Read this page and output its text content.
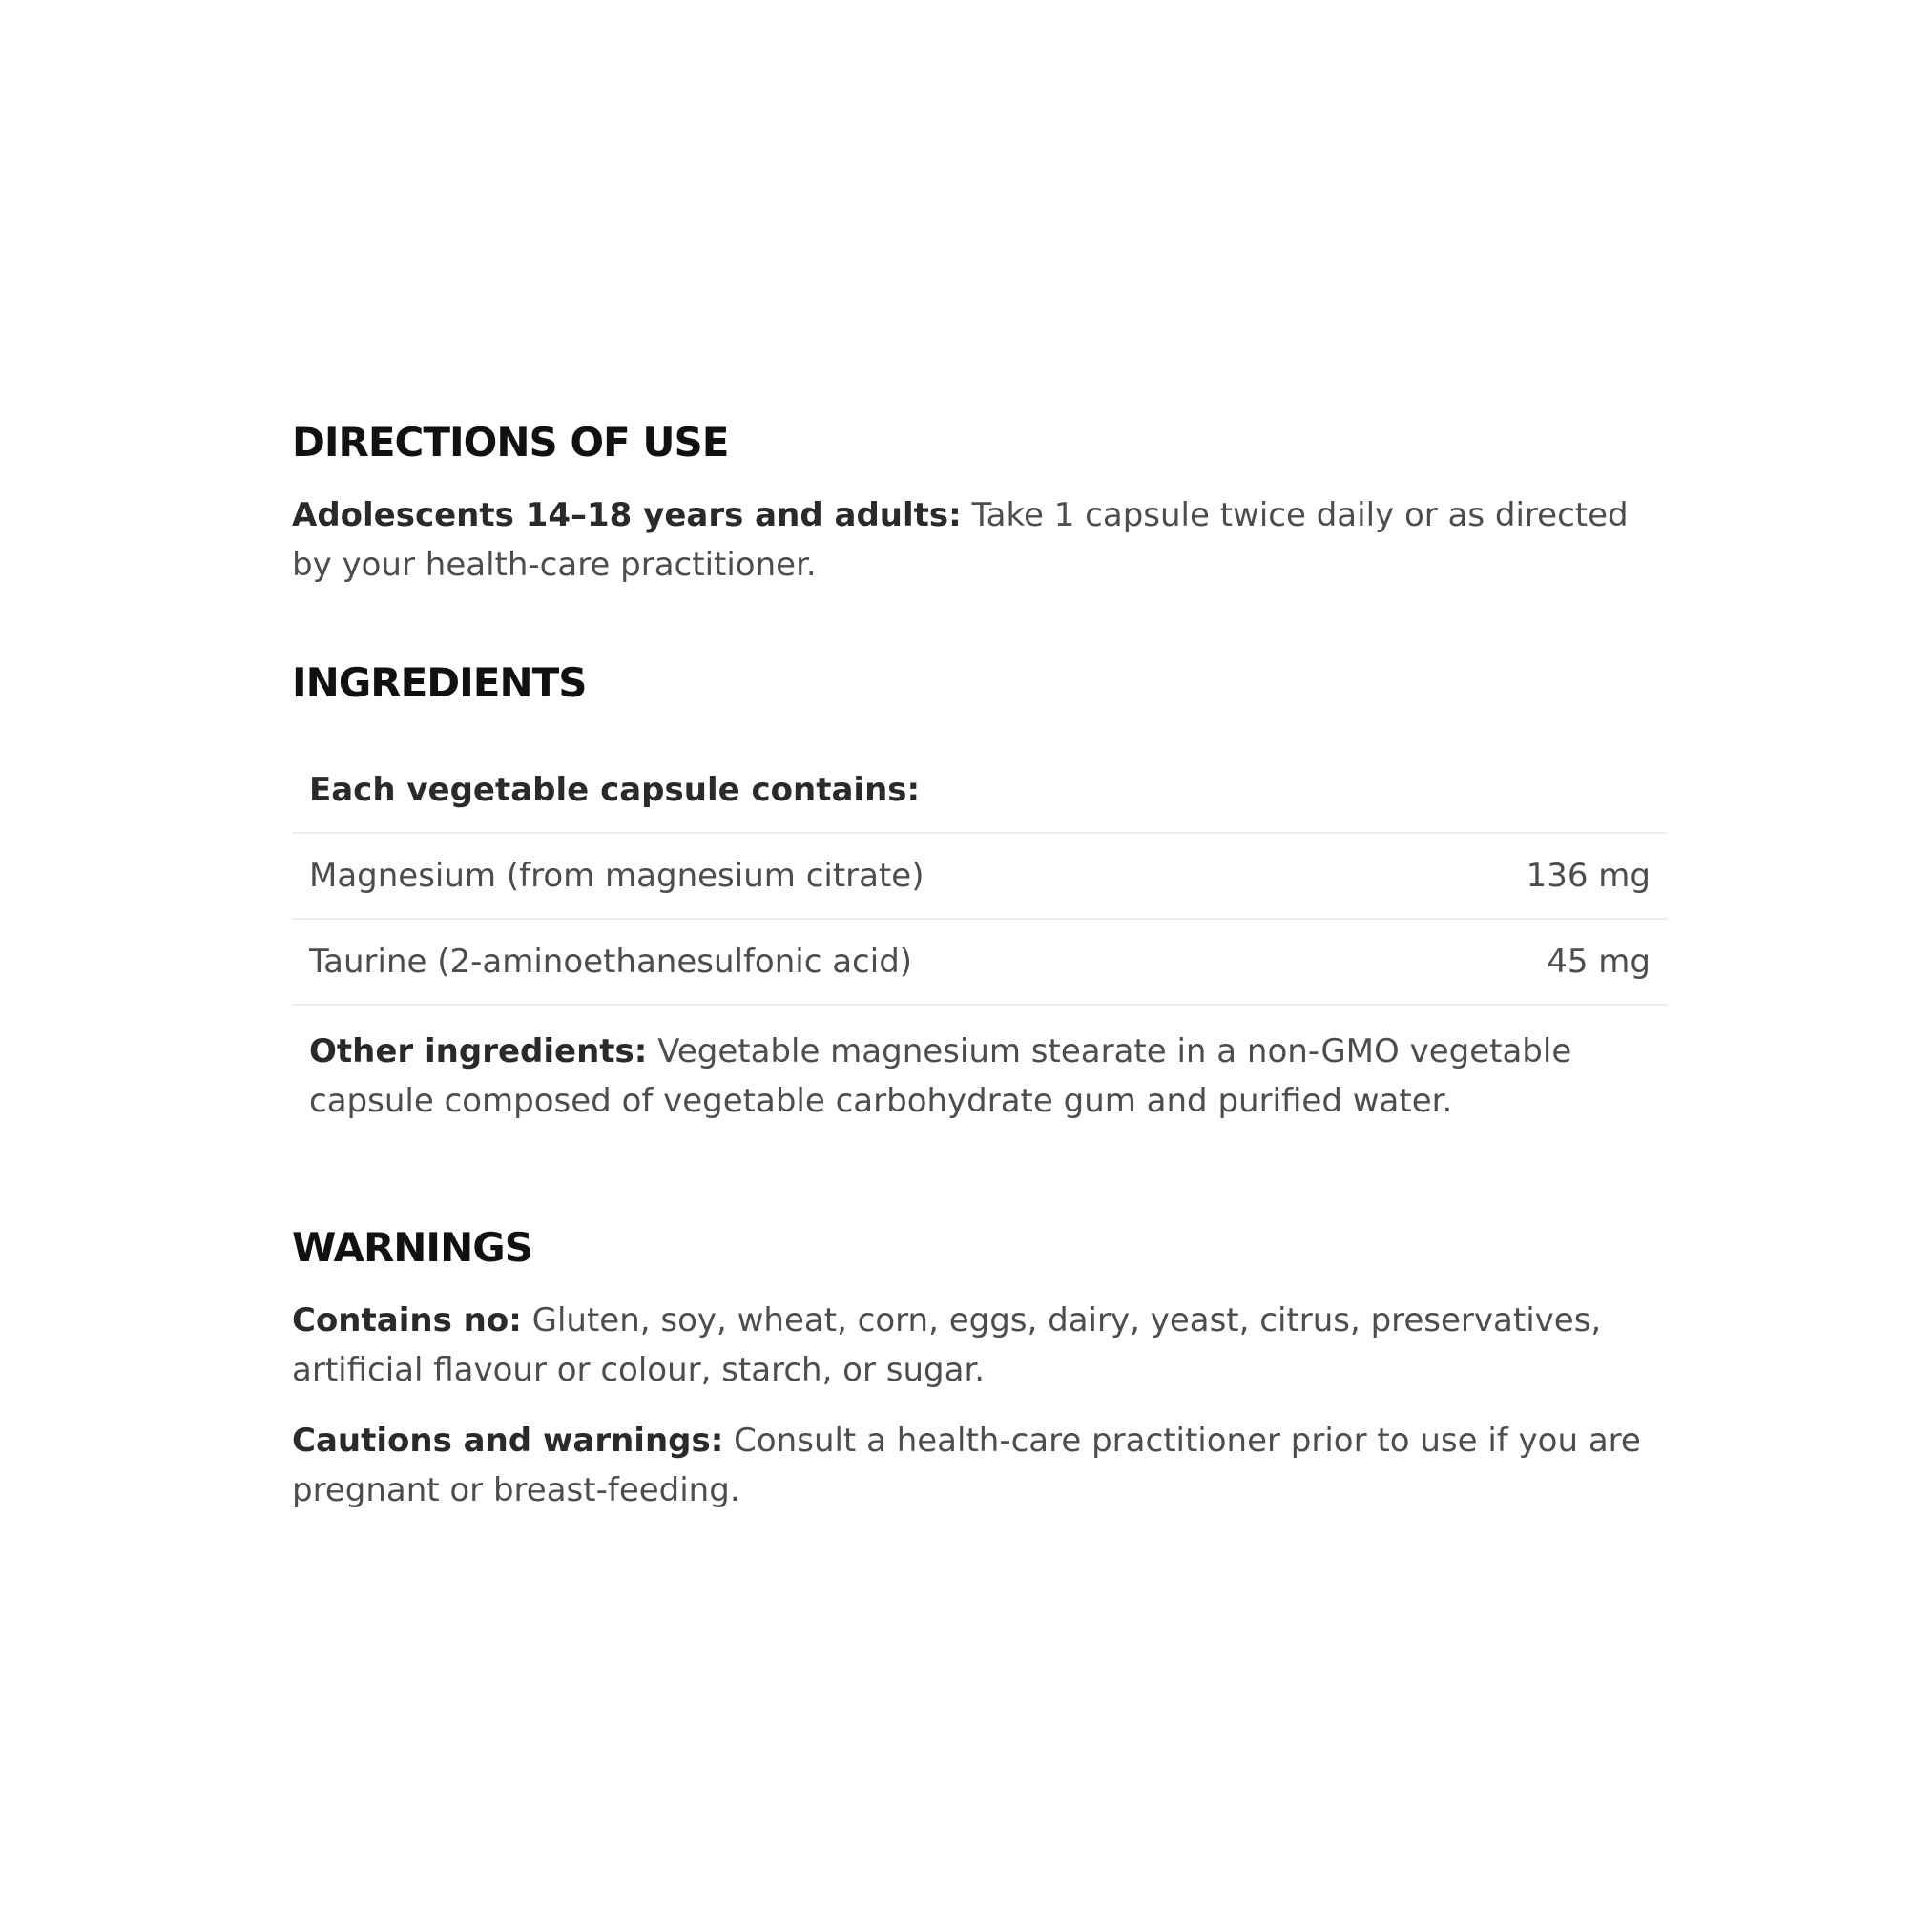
DIRECTIONS OF USE

Adolescents 14–18 years and adults: Take 1 capsule twice daily or as directed by your health-care practitioner.

INGREDIENTS
Each vegetable capsule contains:
Magnesium (from magnesium citrate)	136 mg
Taurine (2-aminoethanesulfonic acid)	45 mg

Other ingredients: Vegetable magnesium stearate in a non-GMO vegetable capsule composed of vegetable carbohydrate gum and purified water.

WARNINGS

Contains no: Gluten, soy, wheat, corn, eggs, dairy, yeast, citrus, preservatives, artificial flavour or colour, starch, or sugar.

Cautions and warnings: Consult a health-care practitioner prior to use if you are pregnant or breast-feeding.
